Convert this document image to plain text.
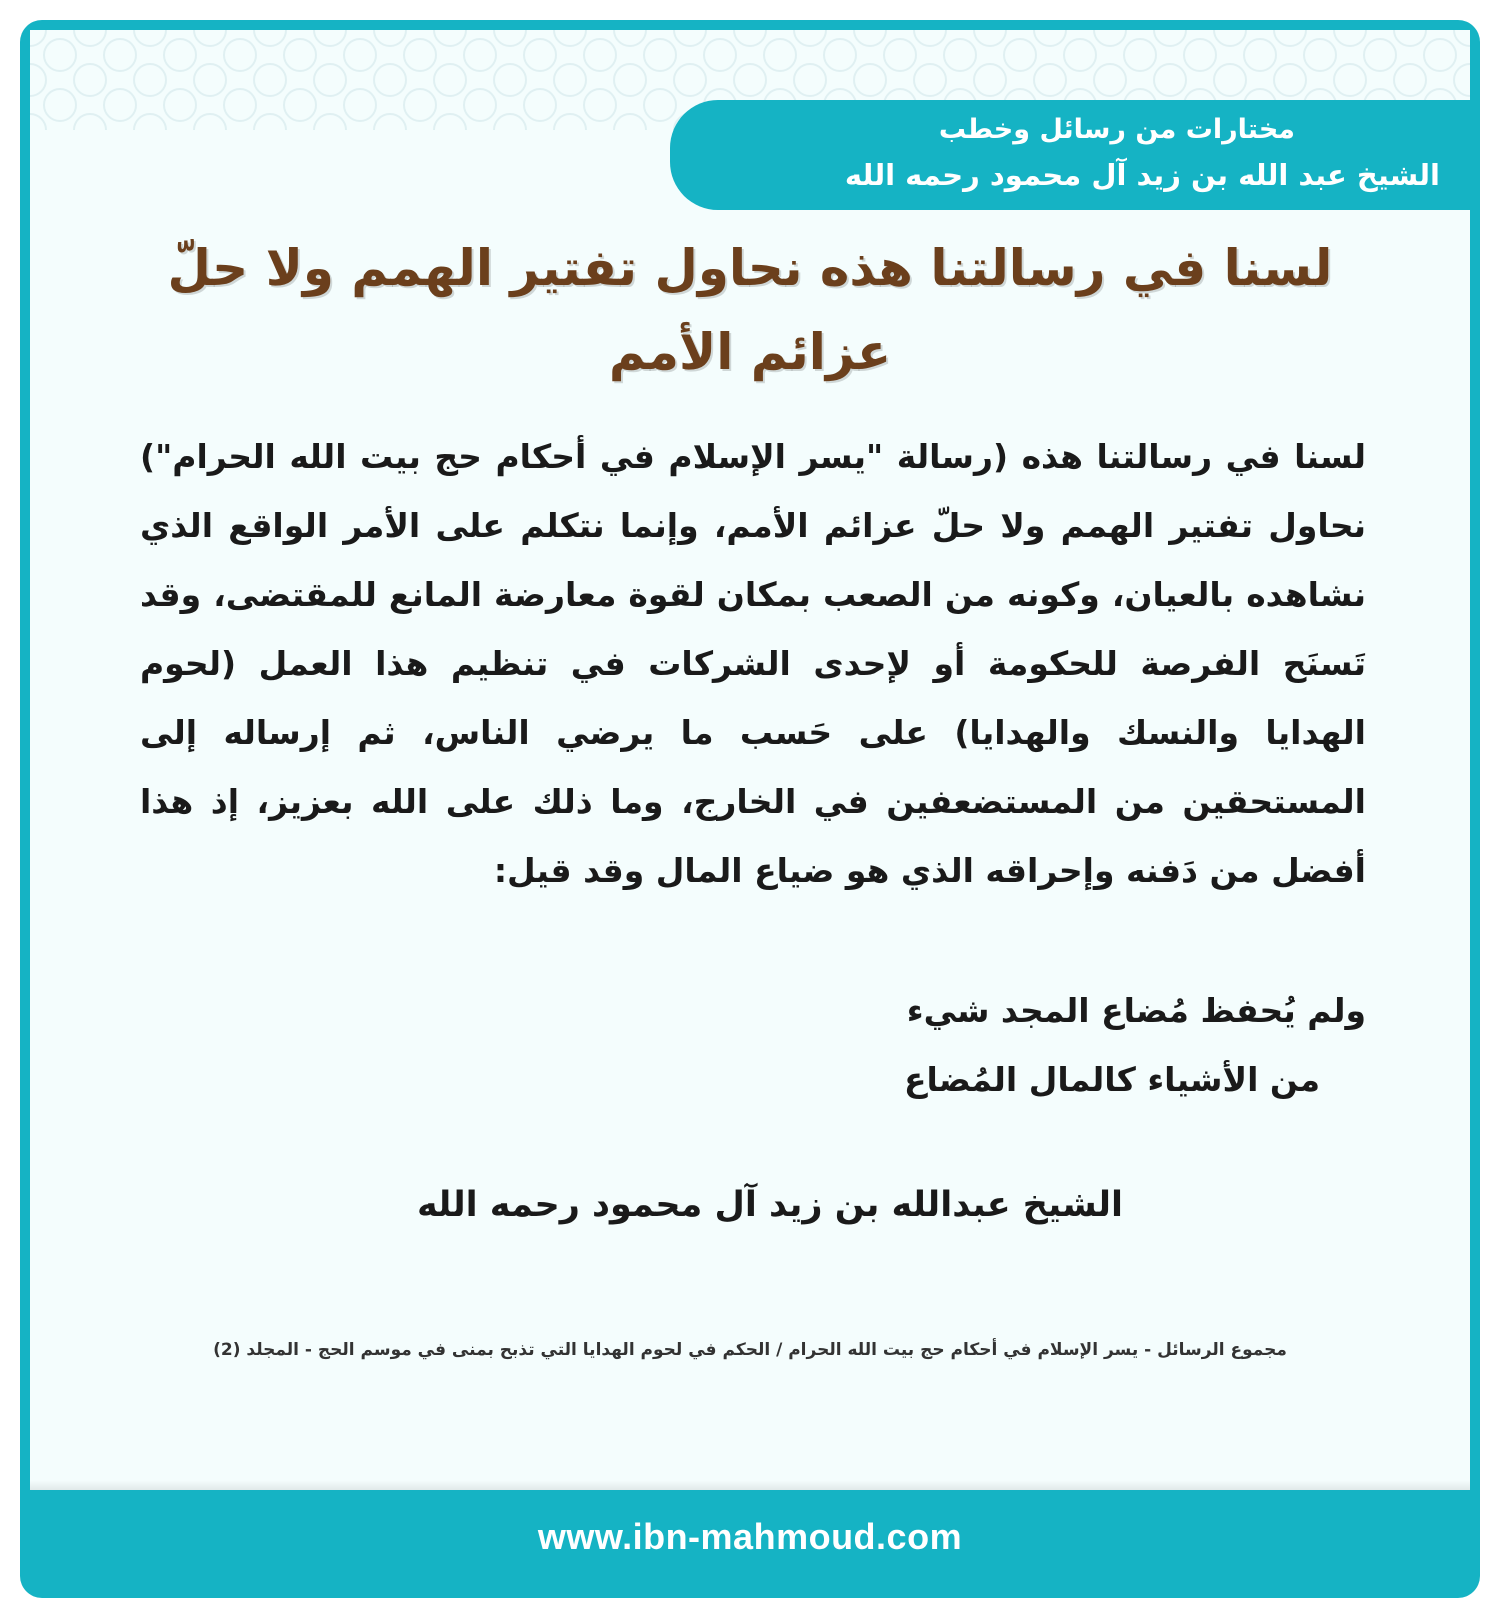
مختارات من رسائل وخطب
الشيخ عبد الله بن زيد آل محمود رحمه الله
لسنا في رسالتنا هذه نحاول تفتير الهمم ولا حلّ عزائم الأمم
لسنا في رسالتنا هذه (رسالة "يسر الإسلام في أحكام حج بيت الله الحرام") نحاول تفتير الهمم ولا حلّ عزائم الأمم، وإنما نتكلم على الأمر الواقع الذي نشاهده بالعيان، وكونه من الصعب بمكان لقوة معارضة المانع للمقتضى، وقد تَسنَح الفرصة للحكومة أو لإحدى الشركات في تنظيم هذا العمل (لحوم الهدايا والنسك والهدايا) على حَسب ما يرضي الناس، ثم إرساله إلى المستحقين من المستضعفين في الخارج، وما ذلك على الله بعزيز، إذ هذا أفضل من دَفنه وإحراقه الذي هو ضياع المال وقد قيل:
ولم يُحفظ مُضاع المجد شيء
من الأشياء كالمال المُضاع
الشيخ عبدالله بن زيد آل محمود رحمه الله
مجموع الرسائل - يسر الإسلام في أحكام حج بيت الله الحرام / الحكم في لحوم الهدايا التي تذبح بمنى في موسم الحج - المجلد (2)
www.ibn-mahmoud.com
